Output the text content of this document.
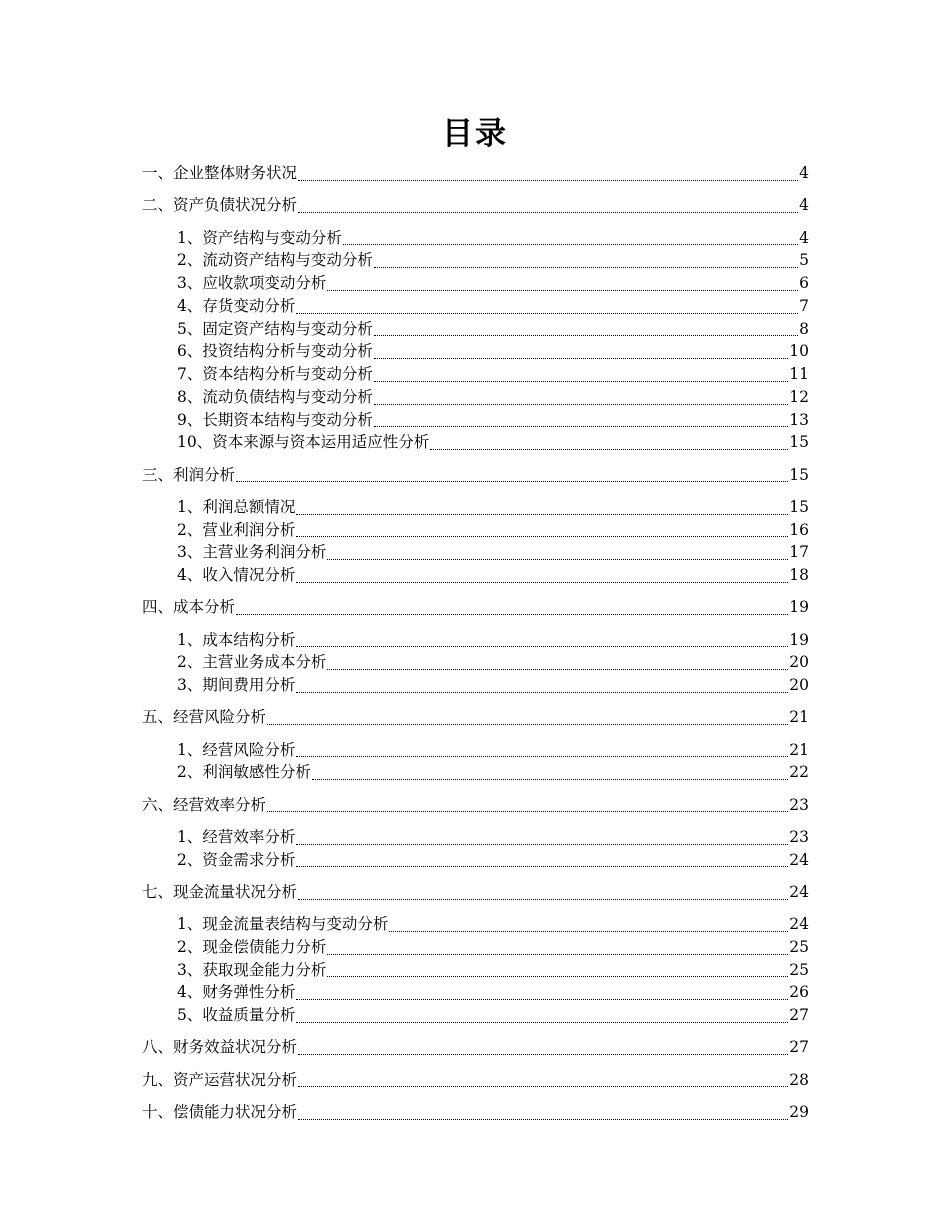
目录
一、企业整体财务状况	4
二、资产负债状况分析	4
1、资产结构与变动分析	4
2、流动资产结构与变动分析	5
3、应收款项变动分析	6
4、存货变动分析	7
5、固定资产结构与变动分析	8
6、投资结构分析与变动分析	10
7、资本结构分析与变动分析	11
8、流动负债结构与变动分析	12
9、长期资本结构与变动分析	13
10、资本来源与资本运用适应性分析	15
三、利润分析	15
1、利润总额情况	15
2、营业利润分析	16
3、主营业务利润分析	17
4、收入情况分析	18
四、成本分析	19
1、成本结构分析	19
2、主营业务成本分析	20
3、期间费用分析	20
五、经营风险分析	21
1、经营风险分析	21
2、利润敏感性分析	22
六、经营效率分析	23
1、经营效率分析	23
2、资金需求分析	24
七、现金流量状况分析	24
1、现金流量表结构与变动分析	24
2、现金偿债能力分析	25
3、获取现金能力分析	25
4、财务弹性分析	26
5、收益质量分析	27
八、财务效益状况分析	27
九、资产运营状况分析	28
十、偿债能力状况分析	29
